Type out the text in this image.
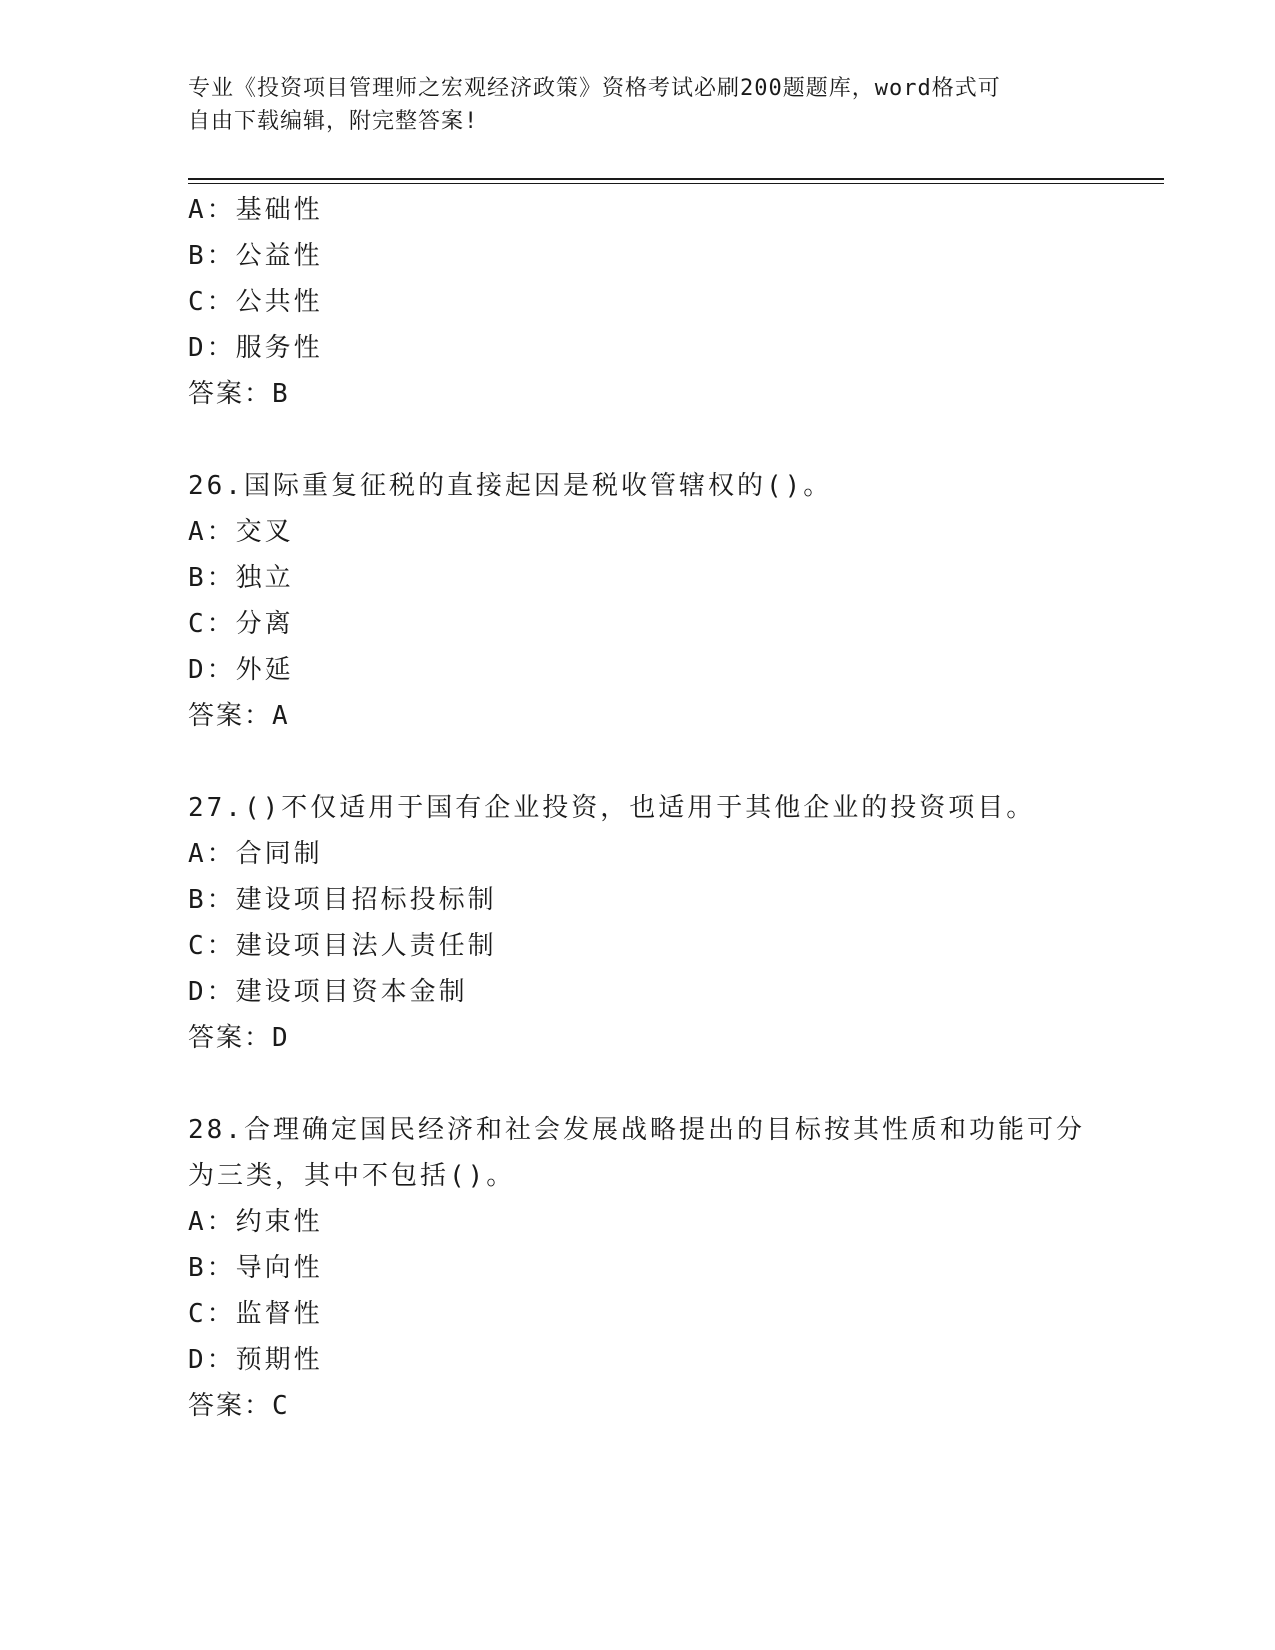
专业《投资项目管理师之宏观经济政策》资格考试必刷200题题库，word格式可
自由下载编辑，附完整答案!
A：基础性
B：公益性
C：公共性
D：服务性
答案：B
26.国际重复征税的直接起因是税收管辖权的()。
A：交叉
B：独立
C：分离
D：外延
答案：A
27.()不仅适用于国有企业投资，也适用于其他企业的投资项目。
A：合同制
B：建设项目招标投标制
C：建设项目法人责任制
D：建设项目资本金制
答案：D
28.合理确定国民经济和社会发展战略提出的目标按其性质和功能可分
为三类，其中不包括()。
A：约束性
B：导向性
C：监督性
D：预期性
答案：C
